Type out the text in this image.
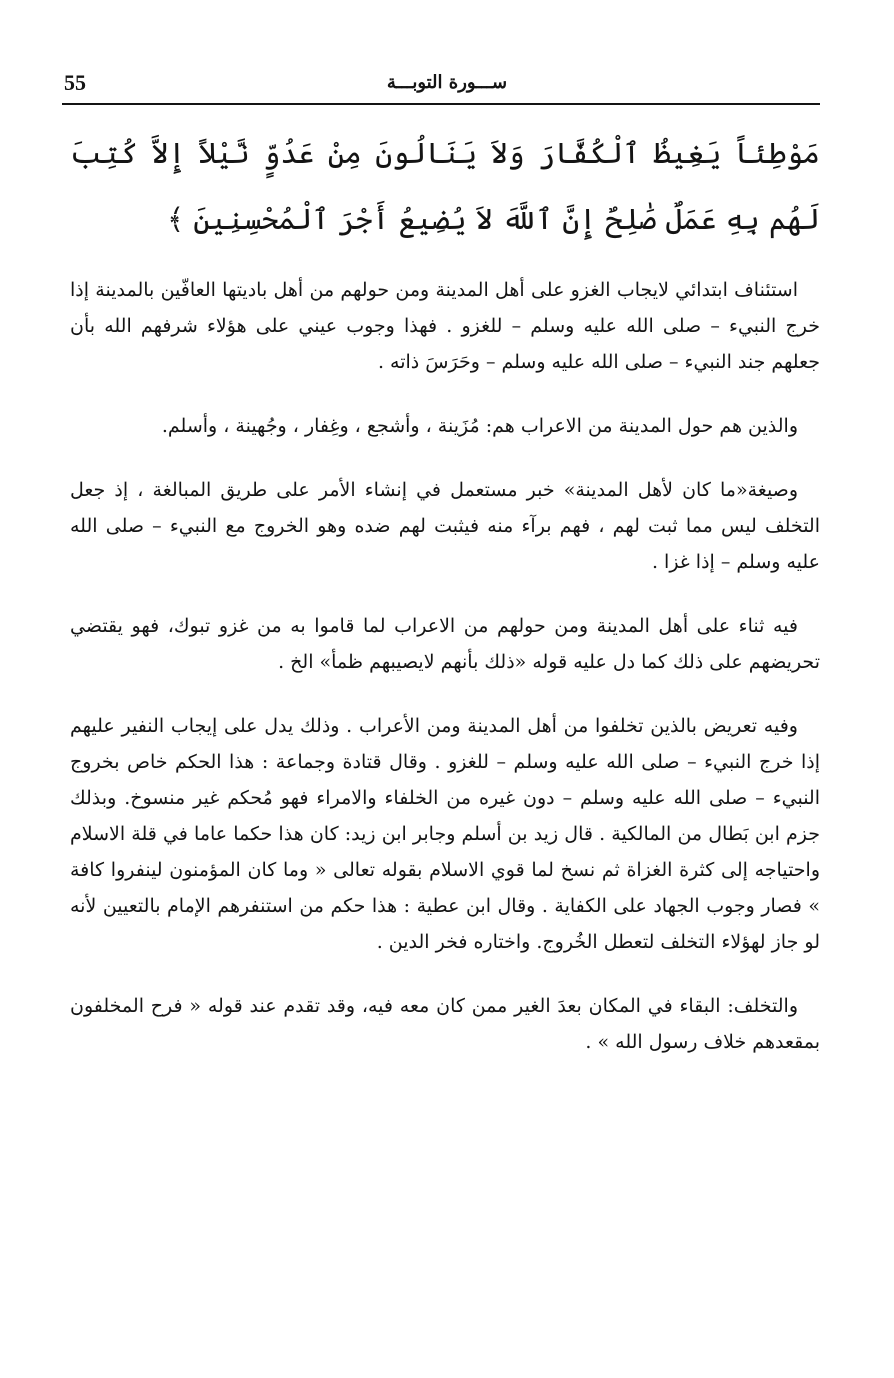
55	ســـورة التوبـــة
مَوْطِئاً يَغِيظُ ٱلْكُفَّارَ وَلاَ يَنَالُونَ مِنْ عَدُوٍّ نَّيْلاً إِلاَّ كُتِبَ لَهُم بِهِ عَمَلٌ صَٰلِحٌ إِنَّ ٱللَّهَ لاَ يُضِيعُ أَجْرَ ٱلْمُحْسِنِينَ ﴾

استئناف ابتدائي لايجاب الغزو على أهل المدينة ومن حولهم من أهل باديتها العافّين بالمدينة إذا خرج النبيء – صلى الله عليه وسلم – للغزو . فهذا وجوب عيني على هؤلاء شرفهم الله بأن جعلهم جند النبيء – صلى الله عليه وسلم – وحَرَسَ ذاته .

والذين هم حول المدينة من الاعراب هم: مُزَينة ، وأشجع ، وغِفار ، وجُهينة ، وأسلم.

وصيغة«ما كان لأهل المدينة» خبر مستعمل في إنشاء الأمر على طريق المبالغة ، إذ جعل التخلف ليس مما ثبت لهم ، فهم برآء منه فيثبت لهم ضده وهو الخروج مع النبيء – صلى الله عليه وسلم – إذا غزا .

فيه ثناء على أهل المدينة ومن حولهم من الاعراب لما قاموا به من غزو تبوك، فهو يقتضي تحريضهم على ذلك كما دل عليه قوله «ذلك بأنهم لايصيبهم ظمأ» الخ .

وفيه تعريض بالذين تخلفوا من أهل المدينة ومن الأعراب . وذلك يدل على إيجاب النفير عليهم إذا خرج النبيء – صلى الله عليه وسلم – للغزو . وقال قتادة وجماعة : هذا الحكم خاص بخروج النبيء – صلى الله عليه وسلم – دون غيره من الخلفاء والامراء فهو مُحكم غير منسوخ. وبذلك جزم ابن بَطال من المالكية . قال زيد بن أسلم وجابر ابن زيد: كان هذا حكما عاما في قلة الاسلام واحتياجه إلى كثرة الغزاة ثم نسخ لما قوي الاسلام بقوله تعالى « وما كان المؤمنون لينفروا كافة » فصار وجوب الجهاد على الكفاية . وقال ابن عطية : هذا حكم من استنفرهم الإمام بالتعيين لأنه لو جاز لهؤلاء التخلف لتعطل الخُروج. واختاره فخر الدين .

والتخلف: البقاء في المكان بعدَ الغير ممن كان معه فيه، وقد تقدم عند قوله « فرح المخلفون بمقعدهم خلاف رسول الله » .
